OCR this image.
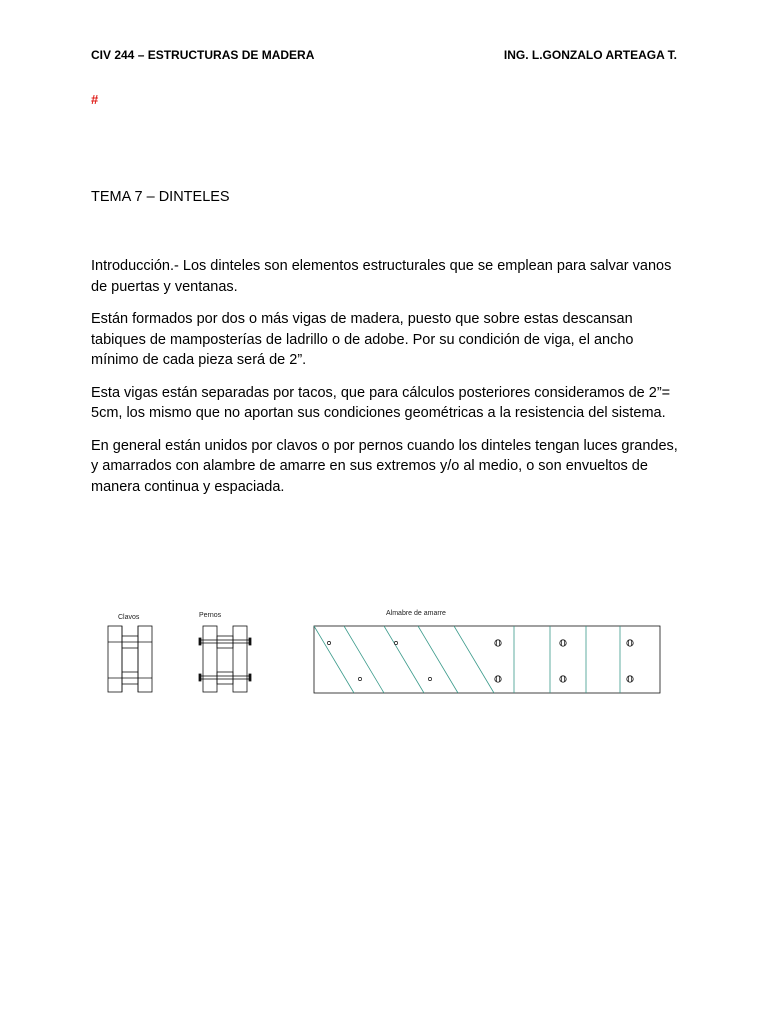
CIV 244 – ESTRUCTURAS DE MADERA	ING. L.GONZALO ARTEAGA T.
#
TEMA 7 – DINTELES

Introducción.- Los dinteles son elementos estructurales que se emplean para salvar vanos de puertas y ventanas.

Están formados por dos o más vigas de madera, puesto que sobre estas descansan tabiques de mamposterías de ladrillo o de adobe. Por su condición de viga, el ancho mínimo de cada pieza será de 2”.

Esta vigas están separadas por tacos, que para cálculos posteriores consideramos de 2”= 5cm, los mismo que no aportan sus condiciones geométricas a la resistencia del sistema.

En general están unidos por clavos o por pernos cuando los dinteles tengan luces grandes, y amarrados con alambre de amarre en sus extremos y/o al medio, o son envueltos de manera continua y espaciada.

Clavos	Pernos	Almabre de amarre
